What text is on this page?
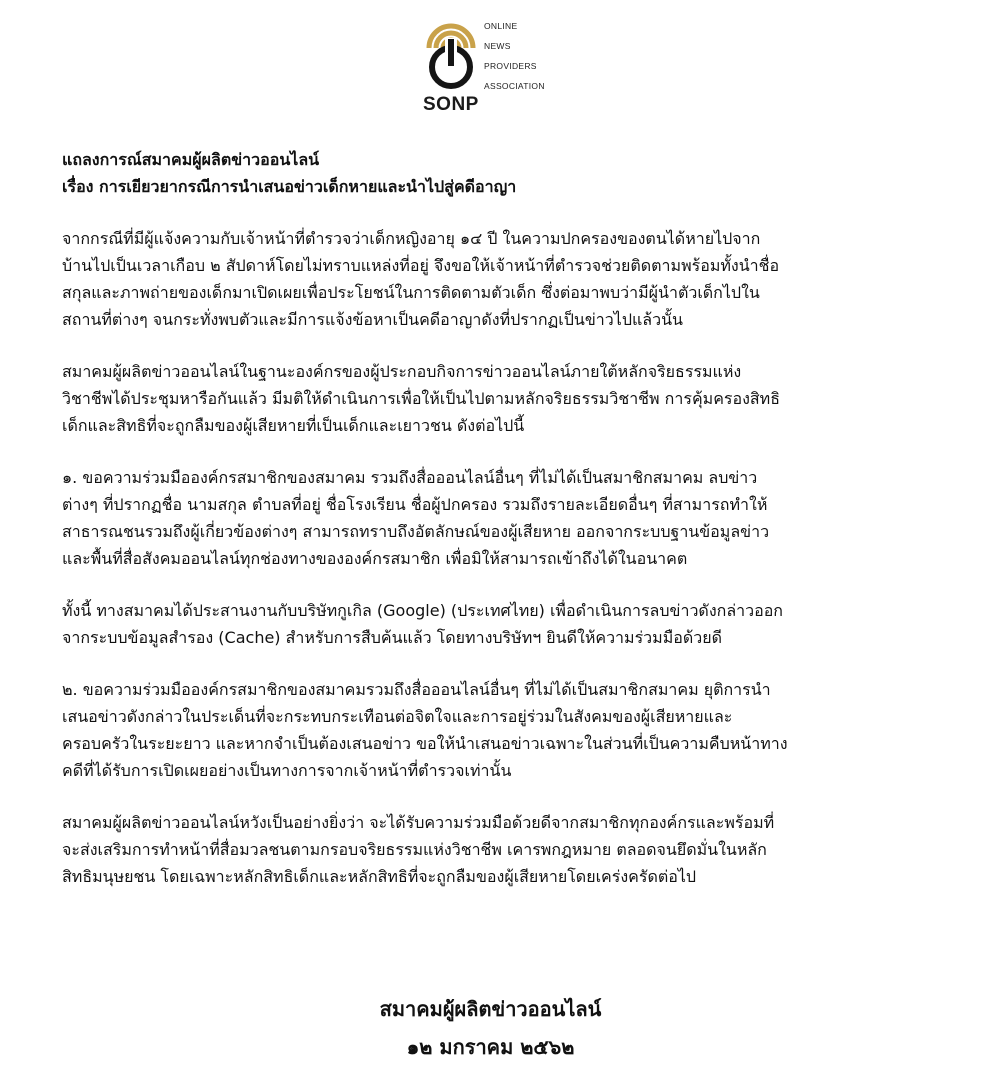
ONLINE
NEWS
PROVIDERS
ASSOCIATION
SONP
แถลงการณ์สมาคมผู้ผลิตข่าวออนไลน์
เรื่อง การเยียวยากรณีการนำเสนอข่าวเด็กหายและนำไปสู่คดีอาญา
จากกรณีที่มีผู้แจ้งความกับเจ้าหน้าที่ตำรวจว่าเด็กหญิงอายุ ๑๔ ปี ในความปกครองของตนได้หายไปจาก
บ้านไปเป็นเวลาเกือบ ๒ สัปดาห์โดยไม่ทราบแหล่งที่อยู่ จึงขอให้เจ้าหน้าที่ตำรวจช่วยติดตามพร้อมทั้งนำชื่อ
สกุลและภาพถ่ายของเด็กมาเปิดเผยเพื่อประโยชน์ในการติดตามตัวเด็ก ซึ่งต่อมาพบว่ามีผู้นำตัวเด็กไปใน
สถานที่ต่างๆ จนกระทั่งพบตัวและมีการแจ้งข้อหาเป็นคดีอาญาดังที่ปรากฏเป็นข่าวไปแล้วนั้น
สมาคมผู้ผลิตข่าวออนไลน์ในฐานะองค์กรของผู้ประกอบกิจการข่าวออนไลน์ภายใต้หลักจริยธรรมแห่ง
วิชาชีพได้ประชุมหารือกันแล้ว มีมติให้ดำเนินการเพื่อให้เป็นไปตามหลักจริยธรรมวิชาชีพ การคุ้มครองสิทธิ
เด็กและสิทธิที่จะถูกลืมของผู้เสียหายที่เป็นเด็กและเยาวชน ดังต่อไปนี้
๑. ขอความร่วมมือองค์กรสมาชิกของสมาคม รวมถึงสื่อออนไลน์อื่นๆ ที่ไม่ได้เป็นสมาชิกสมาคม ลบข่าว
ต่างๆ ที่ปรากฏชื่อ นามสกุล ตำบลที่อยู่ ชื่อโรงเรียน ชื่อผู้ปกครอง รวมถึงรายละเอียดอื่นๆ ที่สามารถทำให้
สาธารณชนรวมถึงผู้เกี่ยวข้องต่างๆ สามารถทราบถึงอัตลักษณ์ของผู้เสียหาย ออกจากระบบฐานข้อมูลข่าว
และพื้นที่สื่อสังคมออนไลน์ทุกช่องทางขององค์กรสมาชิก เพื่อมิให้สามารถเข้าถึงได้ในอนาคต
ทั้งนี้ ทางสมาคมได้ประสานงานกับบริษัทกูเกิล (Google) (ประเทศไทย) เพื่อดำเนินการลบข่าวดังกล่าวออก
จากระบบข้อมูลสำรอง (Cache) สำหรับการสืบค้นแล้ว โดยทางบริษัทฯ ยินดีให้ความร่วมมือด้วยดี
๒. ขอความร่วมมือองค์กรสมาชิกของสมาคมรวมถึงสื่อออนไลน์อื่นๆ ที่ไม่ได้เป็นสมาชิกสมาคม ยุติการนำ
เสนอข่าวดังกล่าวในประเด็นที่จะกระทบกระเทือนต่อจิตใจและการอยู่ร่วมในสังคมของผู้เสียหายและ
ครอบครัวในระยะยาว และหากจำเป็นต้องเสนอข่าว ขอให้นำเสนอข่าวเฉพาะในส่วนที่เป็นความคืบหน้าทาง
คดีที่ได้รับการเปิดเผยอย่างเป็นทางการจากเจ้าหน้าที่ตำรวจเท่านั้น
สมาคมผู้ผลิตข่าวออนไลน์หวังเป็นอย่างยิ่งว่า จะได้รับความร่วมมือด้วยดีจากสมาชิกทุกองค์กรและพร้อมที่
จะส่งเสริมการทำหน้าที่สื่อมวลชนตามกรอบจริยธรรมแห่งวิชาชีพ เคารพกฎหมาย ตลอดจนยึดมั่นในหลัก
สิทธิมนุษยชน โดยเฉพาะหลักสิทธิเด็กและหลักสิทธิที่จะถูกลืมของผู้เสียหายโดยเคร่งครัดต่อไป
สมาคมผู้ผลิตข่าวออนไลน์
๑๒ มกราคม ๒๕๖๒
